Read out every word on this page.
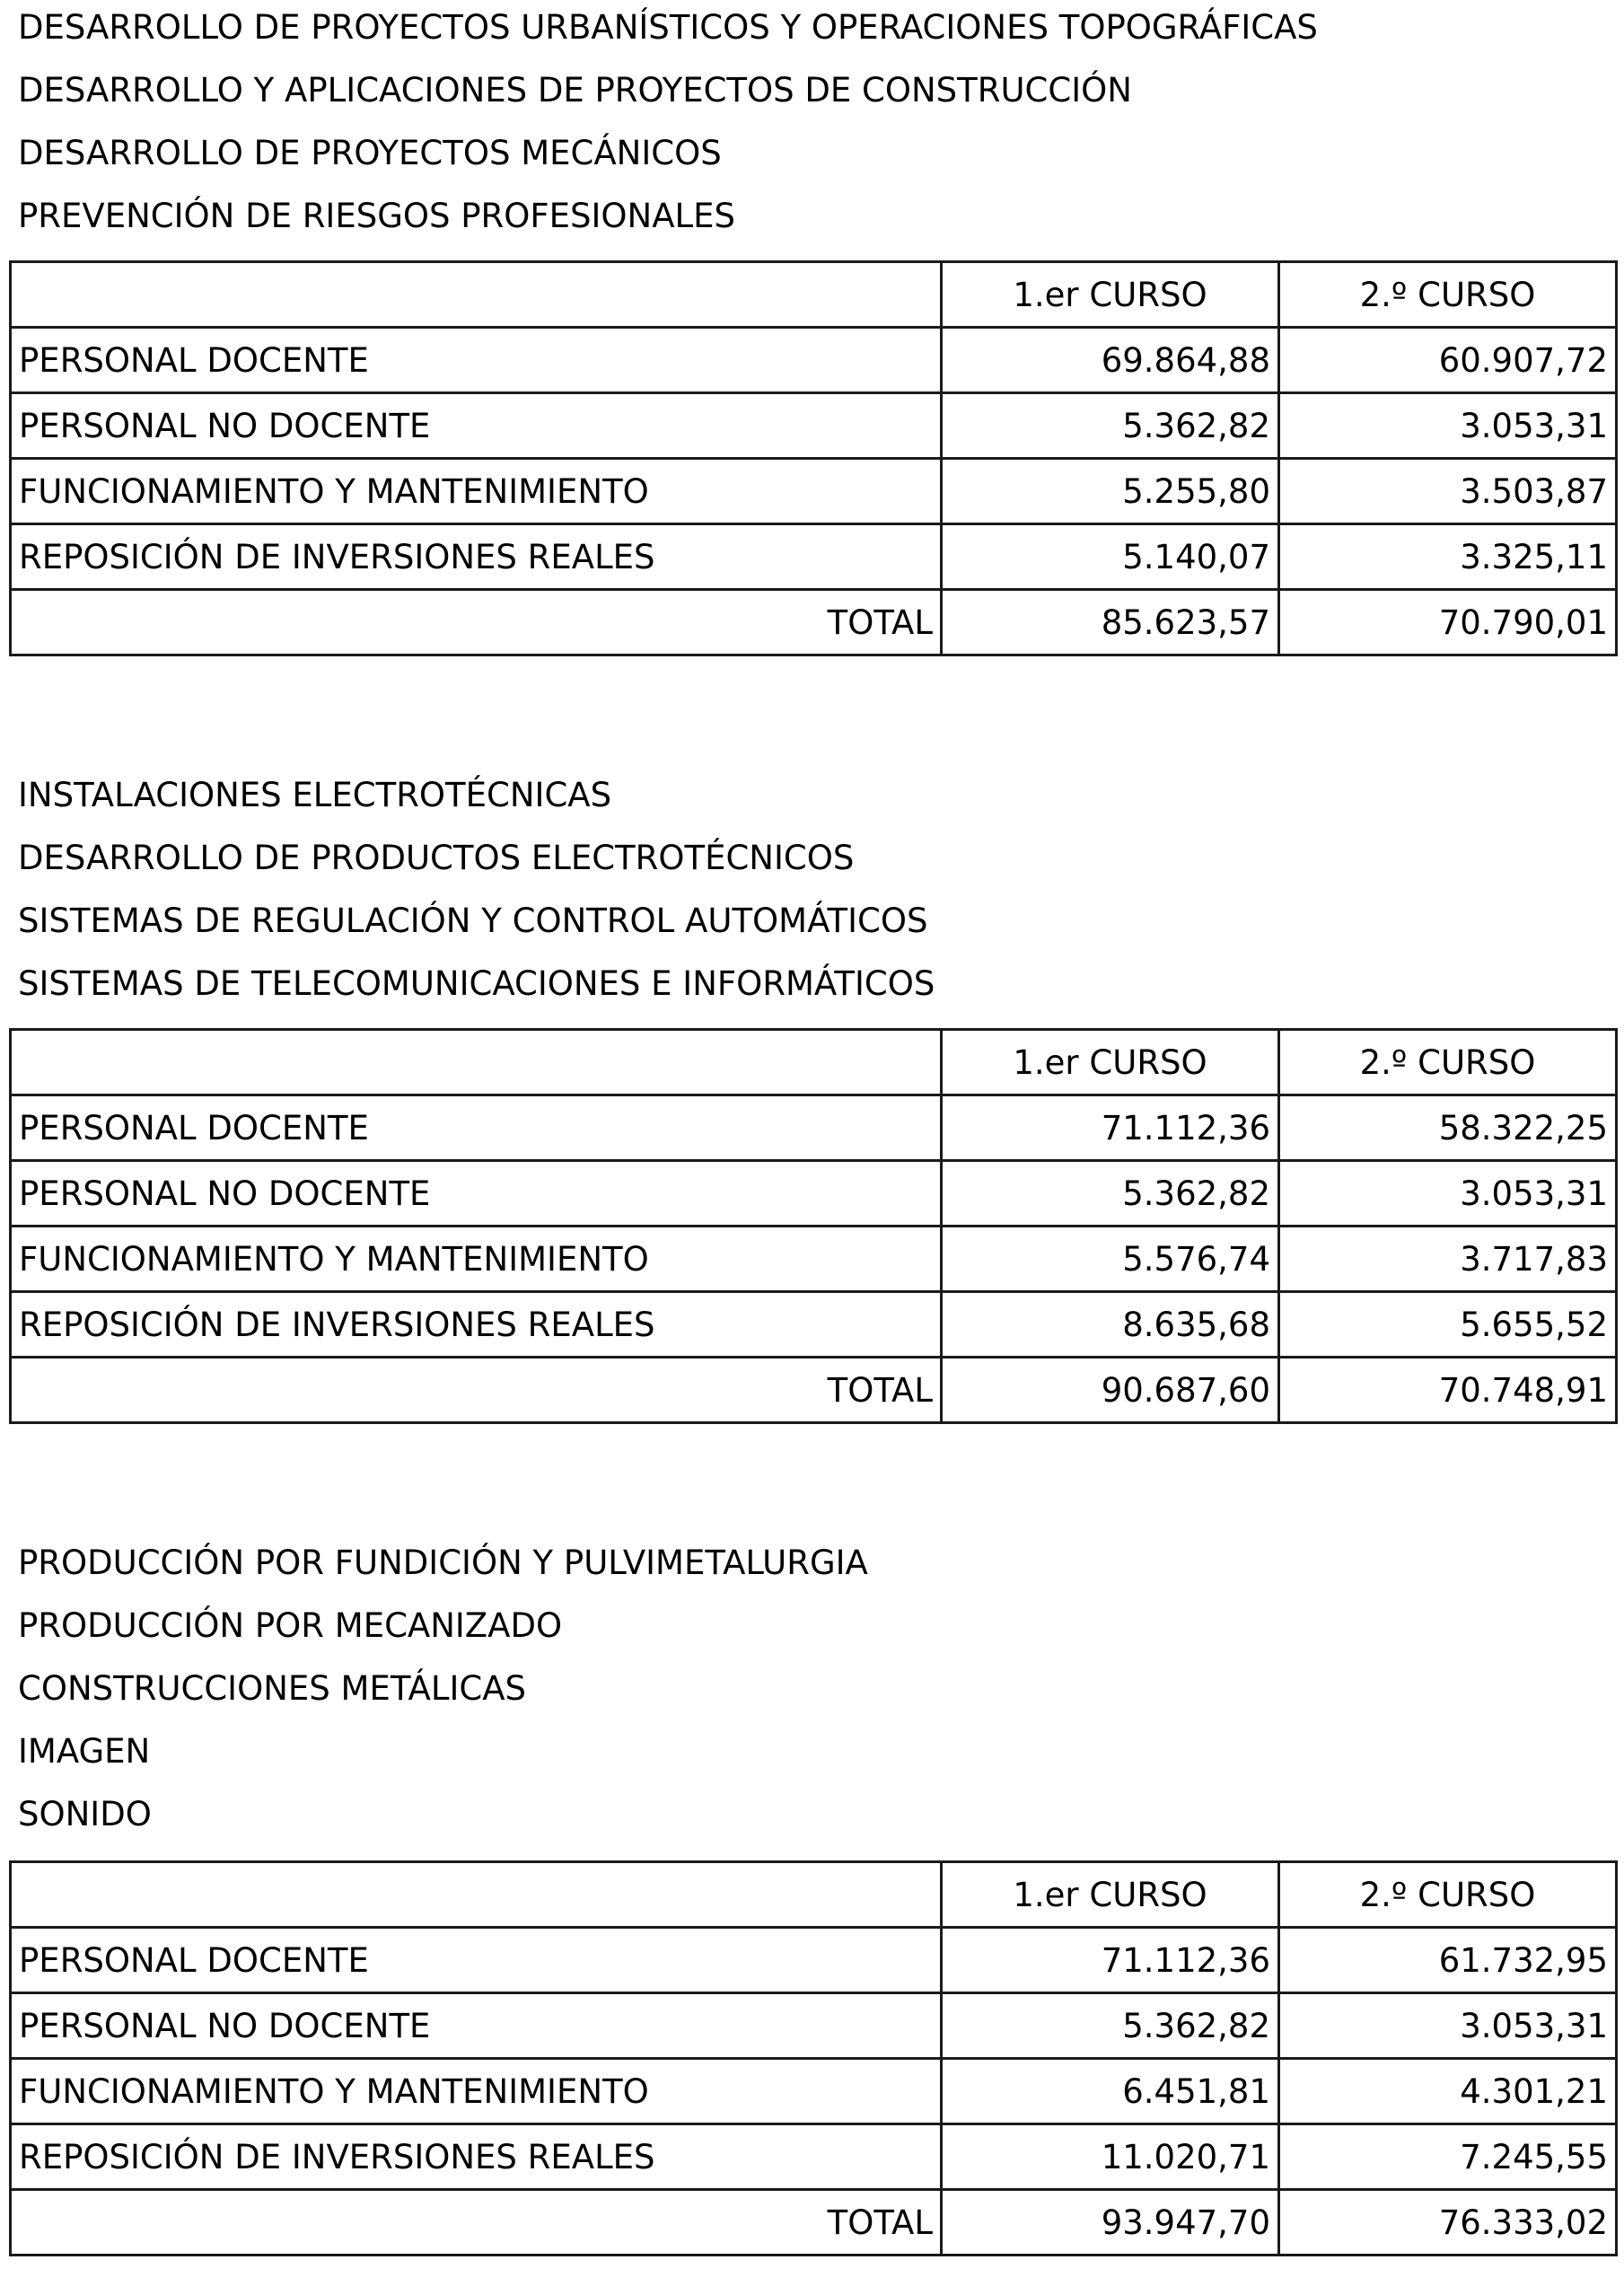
DESARROLLO DE PROYECTOS URBANÍSTICOS Y OPERACIONES TOPOGRÁFICAS
DESARROLLO Y APLICACIONES DE PROYECTOS DE CONSTRUCCIÓN
DESARROLLO DE PROYECTOS MECÁNICOS
PREVENCIÓN DE RIESGOS PROFESIONALES
	1.er CURSO	2.º CURSO
PERSONAL DOCENTE	69.864,88	60.907,72
PERSONAL NO DOCENTE	5.362,82	3.053,31
FUNCIONAMIENTO Y MANTENIMIENTO	5.255,80	3.503,87
REPOSICIÓN DE INVERSIONES REALES	5.140,07	3.325,11
TOTAL	85.623,57	70.790,01
INSTALACIONES ELECTROTÉCNICAS
DESARROLLO DE PRODUCTOS ELECTROTÉCNICOS
SISTEMAS DE REGULACIÓN Y CONTROL AUTOMÁTICOS
SISTEMAS DE TELECOMUNICACIONES E INFORMÁTICOS
	1.er CURSO	2.º CURSO
PERSONAL DOCENTE	71.112,36	58.322,25
PERSONAL NO DOCENTE	5.362,82	3.053,31
FUNCIONAMIENTO Y MANTENIMIENTO	5.576,74	3.717,83
REPOSICIÓN DE INVERSIONES REALES	8.635,68	5.655,52
TOTAL	90.687,60	70.748,91
PRODUCCIÓN POR FUNDICIÓN Y PULVIMETALURGIA
PRODUCCIÓN POR MECANIZADO
CONSTRUCCIONES METÁLICAS
IMAGEN
SONIDO
	1.er CURSO	2.º CURSO
PERSONAL DOCENTE	71.112,36	61.732,95
PERSONAL NO DOCENTE	5.362,82	3.053,31
FUNCIONAMIENTO Y MANTENIMIENTO	6.451,81	4.301,21
REPOSICIÓN DE INVERSIONES REALES	11.020,71	7.245,55
TOTAL	93.947,70	76.333,02
